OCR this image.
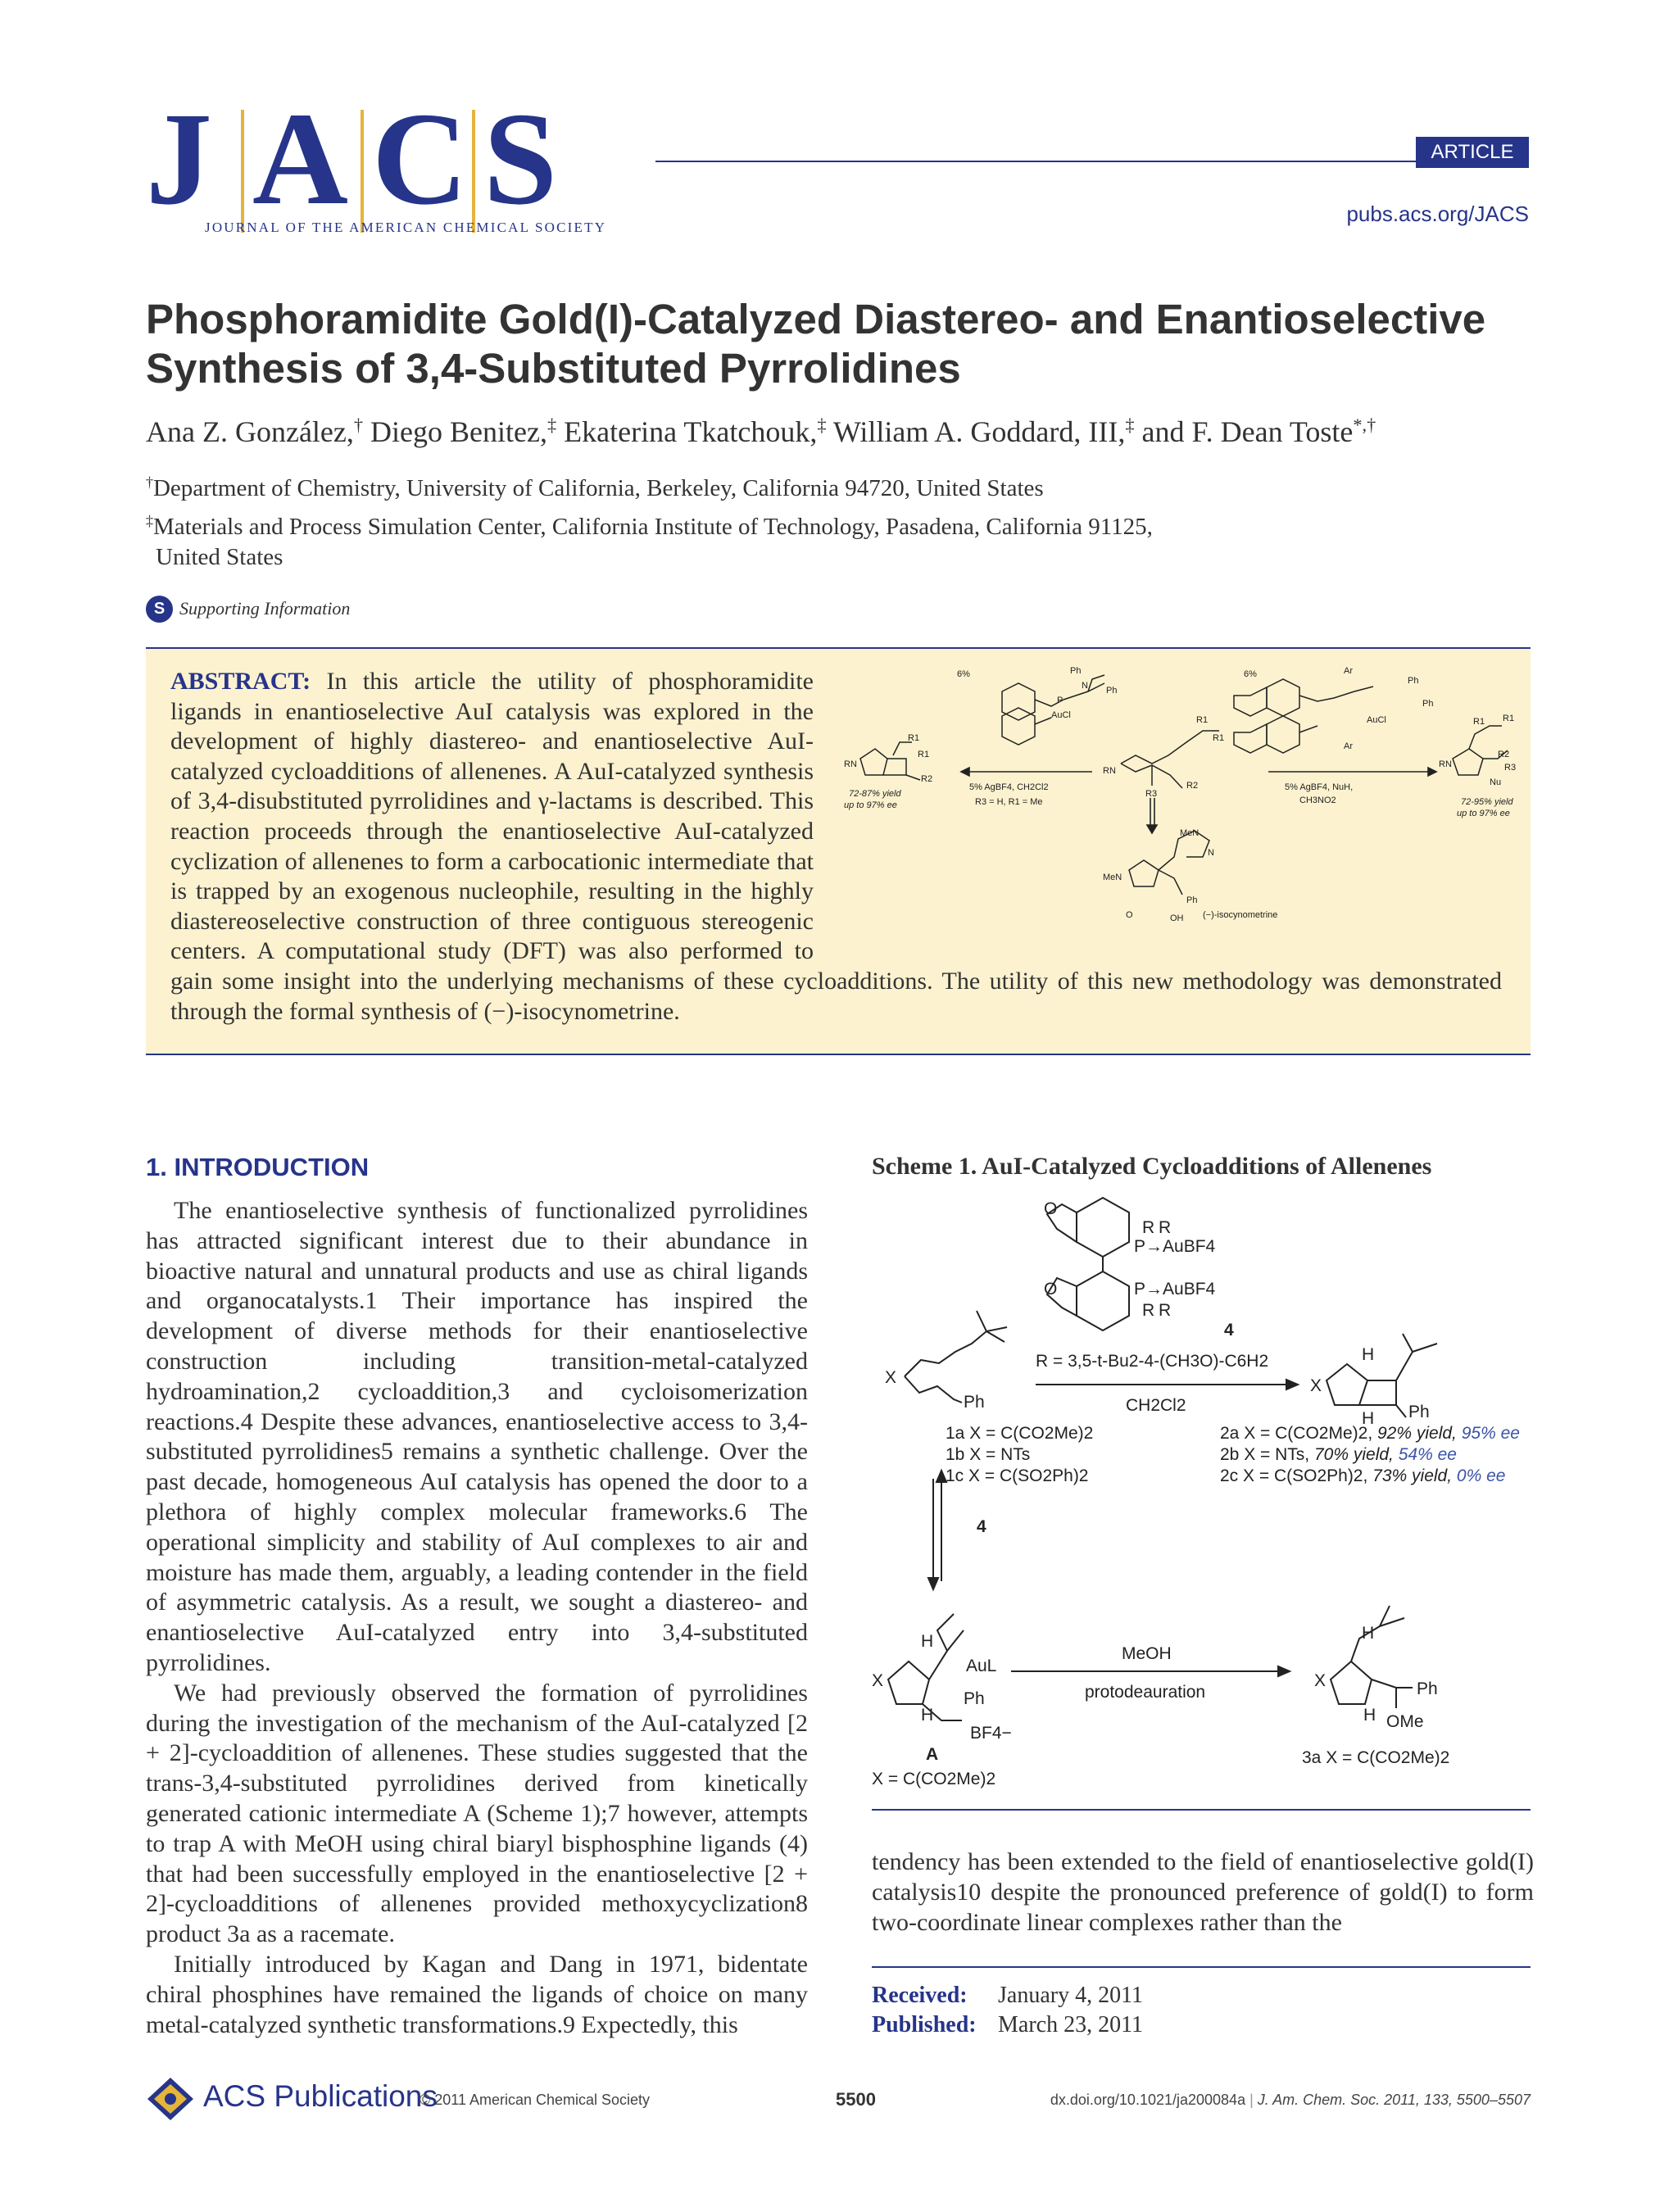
J A C S
JOURNAL OF THE AMERICAN CHEMICAL SOCIETY
ARTICLE
pubs.acs.org/JACS
Phosphoramidite Gold(I)-Catalyzed Diastereo- and Enantioselective
Synthesis of 3,4-Substituted Pyrrolidines
Ana Z. González,† Diego Benitez,‡ Ekaterina Tkatchouk,‡ William A. Goddard, III,‡ and F. Dean Toste*,†
†Department of Chemistry, University of California, Berkeley, California 94720, United States
‡Materials and Process Simulation Center, California Institute of Technology, Pasadena, California 91125,
United States
S Supporting Information
ABSTRACT: In this article the utility of phosphoramidite ligands in enantioselective AuI catalysis was explored in the development of highly diastereo- and enantioselective AuI-catalyzed cycloadditions of allenenes. A AuI-catalyzed synthesis of 3,4-disubstituted pyrrolidines and γ-lactams is described. This reaction proceeds through the enantioselective AuI-catalyzed cyclization of allenenes to form a carbocationic intermediate that is trapped by an exogenous nucleophile, resulting in the highly diastereoselective construction of three contiguous stereogenic centers. A computational study (DFT) was also performed to gain some insight into the underlying mechanisms of these cycloadditions. The utility of this new methodology was demonstrated through the formal synthesis of (−)-isocynometrine.
6%	6%
Ph
Ph
P
N
AuCl
Ar
Ar
Ph
Ph
AuCl
RN
R1
R1
R2
5% AgBF4, CH2Cl2
R3 = H, R1 = Me
72-87% yield
up to 97% ee
RN
R1
R1
R2
R3
5% AgBF4, NuH,
CH3NO2
RN
R1 R1
R2
R3
Nu
72-95% yield
up to 97% ee
MeN
N
MeN
Ph
O	OH (−)-isocynometrine
1. INTRODUCTION

The enantioselective synthesis of functionalized pyrrolidines has attracted significant interest due to their abundance in bioactive natural and unnatural products and use as chiral ligands and organocatalysts.1 Their importance has inspired the development of diverse methods for their enantioselective construction including transition-metal-catalyzed hydroamination,2 cycloaddition,3 and cycloisomerization reactions.4 Despite these advances, enantioselective access to 3,4-substituted pyrrolidines5 remains a synthetic challenge. Over the past decade, homogeneous AuI catalysis has opened the door to a plethora of highly complex molecular frameworks.6 The operational simplicity and stability of AuI complexes to air and moisture has made them, arguably, a leading contender in the field of asymmetric catalysis. As a result, we sought a diastereo- and enantioselective AuI-catalyzed entry into 3,4-substituted pyrrolidines.

We had previously observed the formation of pyrrolidines during the investigation of the mechanism of the AuI-catalyzed [2 + 2]-cycloaddition of allenenes. These studies suggested that the trans-3,4-substituted pyrrolidines derived from kinetically generated cationic intermediate A (Scheme 1);7 however, attempts to trap A with MeOH using chiral biaryl bisphosphine ligands (4) that had been successfully employed in the enantioselective [2 + 2]-cycloadditions of allenenes provided methoxycyclization8 product 3a as a racemate.

Initially introduced by Kagan and Dang in 1971, bidentate chiral phosphines have remained the ligands of choice on many metal-catalyzed synthetic transformations.9 Expectedly, this

Scheme 1. AuI-Catalyzed Cycloadditions of Allenenes
R R
P→AuBF4
P→AuBF4
R R
O
O
4
R = 3,5-t-Bu2-4-(CH3O)-C6H2
CH2Cl2
X
Ph
1a X = C(CO2Me)2
1b X = NTs
1c X = C(SO2Ph)2
X
H
H Ph
2a X = C(CO2Me)2, 92% yield, 95% ee
2b X = NTs, 70% yield, 54% ee
2c X = C(SO2Ph)2, 73% yield, 0% ee
4
X
H
AuL
Ph
H
BF4−
A
X = C(CO2Me)2
MeOH
protodeauration
X
H
H
Ph
OMe
3a X = C(CO2Me)2

tendency has been extended to the field of enantioselective gold(I) catalysis10 despite the pronounced preference of gold(I) to form two-coordinate linear complexes rather than the

Received: January 4, 2011
Published: March 23, 2011
ACS Publications
© 2011 American Chemical Society	5500	dx.doi.org/10.1021/ja200084a | J. Am. Chem. Soc. 2011, 133, 5500–5507
